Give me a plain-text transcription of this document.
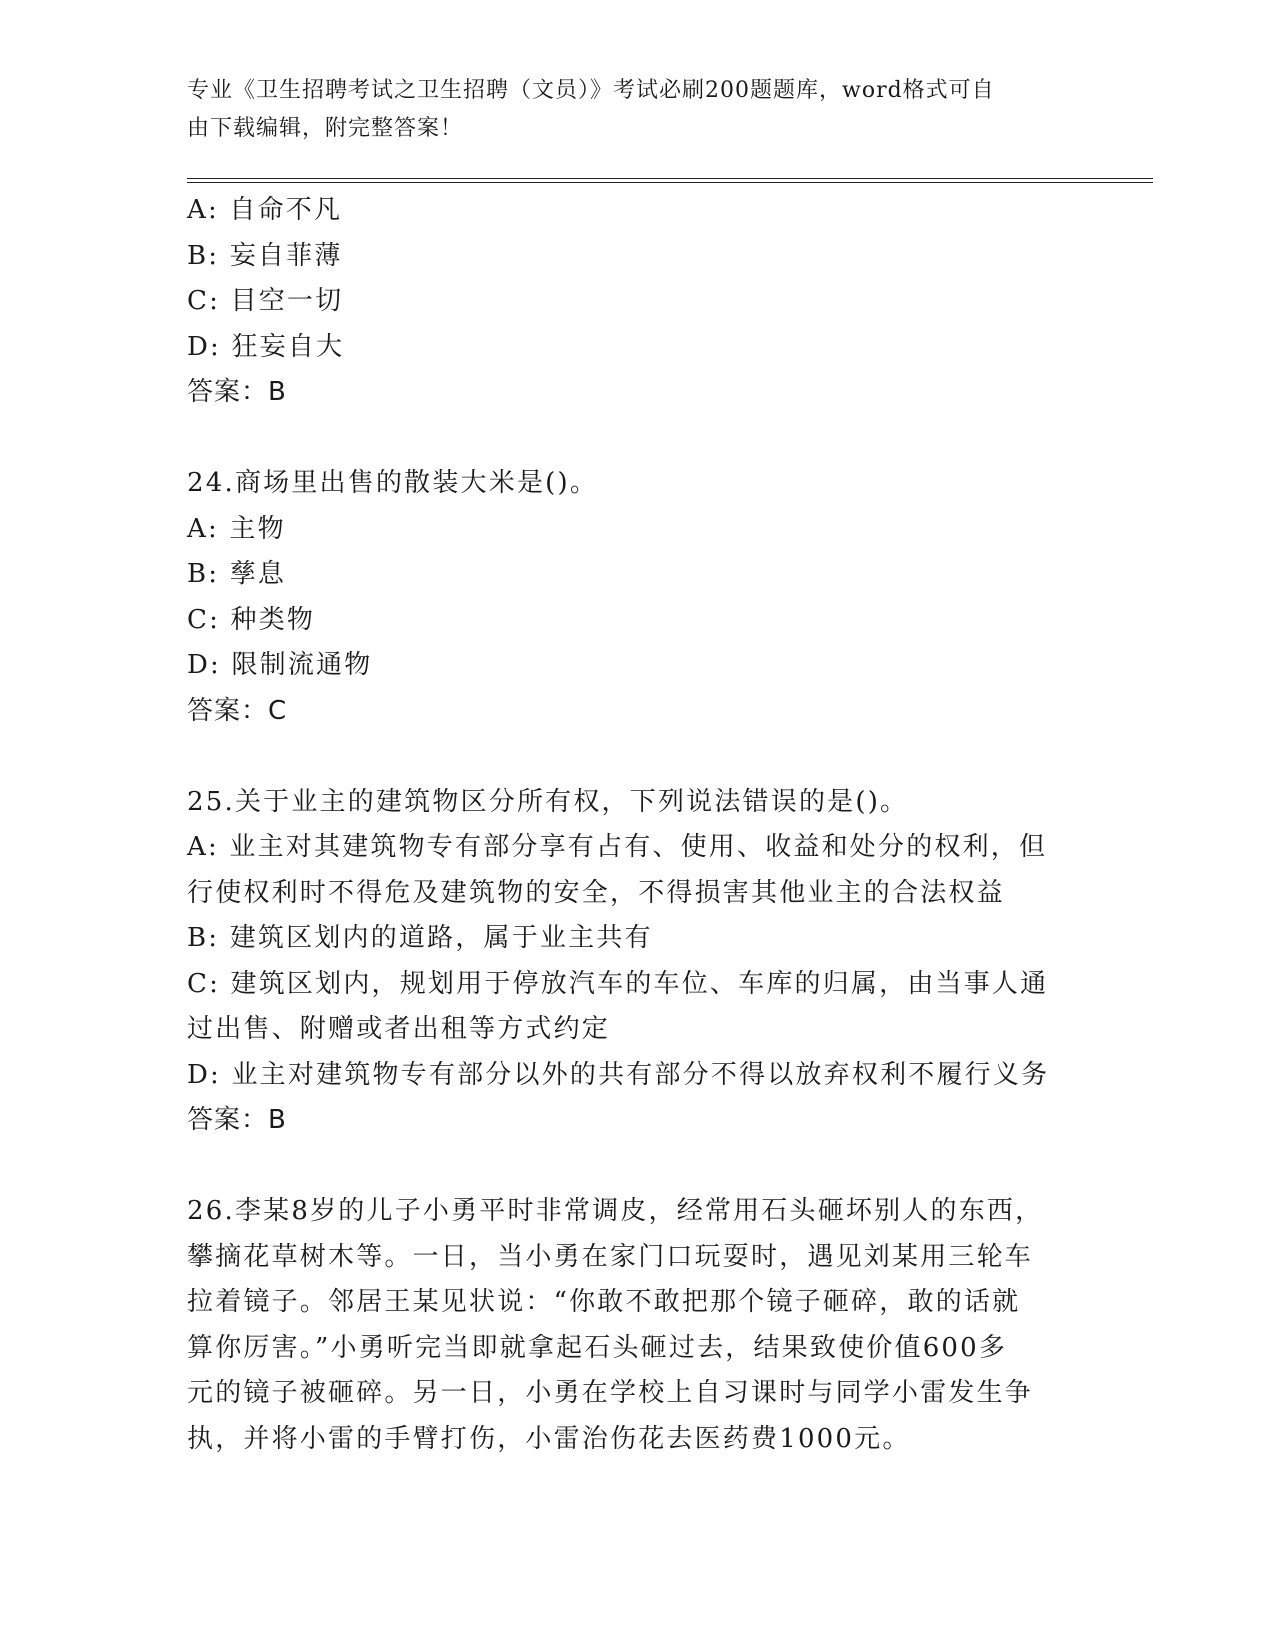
专业《卫生招聘考试之卫生招聘（文员）》考试必刷200题题库，word格式可自
由下载编辑，附完整答案！
A: 自命不凡
B: 妄自菲薄
C: 目空一切
D: 狂妄自大
答案：B
24.商场里出售的散装大米是()。
A: 主物
B: 孳息
C: 种类物
D: 限制流通物
答案：C
25.关于业主的建筑物区分所有权，下列说法错误的是()。
A: 业主对其建筑物专有部分享有占有、使用、收益和处分的权利，但
行使权利时不得危及建筑物的安全，不得损害其他业主的合法权益
B: 建筑区划内的道路，属于业主共有
C: 建筑区划内，规划用于停放汽车的车位、车库的归属，由当事人通
过出售、附赠或者出租等方式约定
D: 业主对建筑物专有部分以外的共有部分不得以放弃权利不履行义务
答案：B
26.李某8岁的儿子小勇平时非常调皮，经常用石头砸坏别人的东西，
攀摘花草树木等。一日，当小勇在家门口玩耍时，遇见刘某用三轮车
拉着镜子。邻居王某见状说：“你敢不敢把那个镜子砸碎，敢的话就
算你厉害。”小勇听完当即就拿起石头砸过去，结果致使价值600多
元的镜子被砸碎。另一日，小勇在学校上自习课时与同学小雷发生争
执，并将小雷的手臂打伤，小雷治伤花去医药费1000元。
